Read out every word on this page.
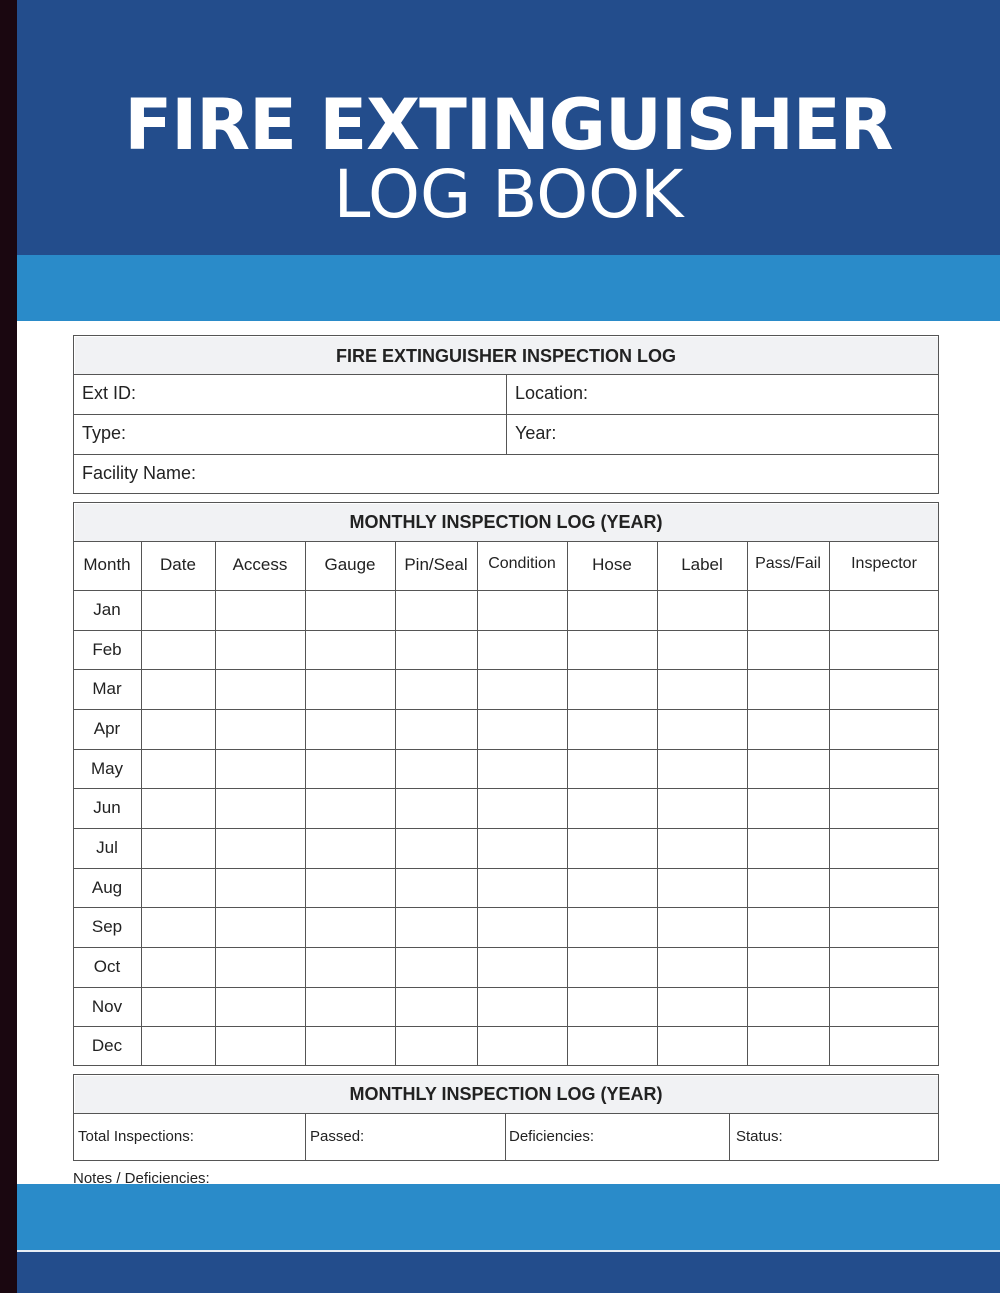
FIRE EXTINGUISHER
LOG BOOK
FIRE EXTINGUISHER INSPECTION LOG
Ext ID:	Location:
Type:	Year:
Facility Name:
MONTHLY INSPECTION LOG (YEAR)
Month	Date	Access	Gauge	Pin/Seal	Condition	Hose	Label	Pass/Fail	Inspector
Jan
Feb
Mar
Apr
May
Jun
Jul
Aug
Sep
Oct
Nov
Dec
MONTHLY INSPECTION LOG (YEAR)
Total Inspections:	Passed:	Deficiencies:	Status:
Notes / Deficiencies:
